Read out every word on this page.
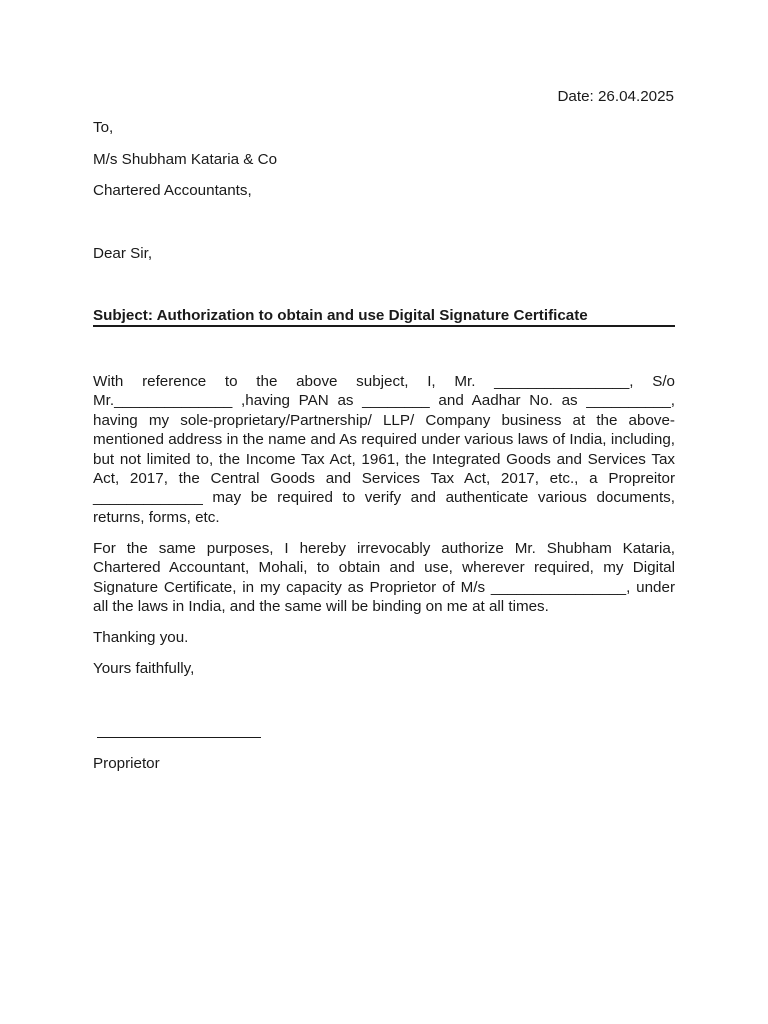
Date: 26.04.2025
To,
M/s Shubham Kataria & Co
Chartered Accountants,
Dear Sir,
Subject: Authorization to obtain and use Digital Signature Certificate
With reference to the above subject, I, Mr. ________________, S/o Mr.______________ ,having PAN as ________ and Aadhar No. as __________, having my sole-proprietary/Partnership/ LLP/ Company business at the above-mentioned address in the name and As required under various laws of India, including, but not limited to, the Income Tax Act, 1961, the Integrated Goods and Services Tax Act, 2017, the Central Goods and Services Tax Act, 2017, etc., a Propreitor _____________ may be required to verify and authenticate various documents, returns, forms, etc.
For the same purposes, I hereby irrevocably authorize Mr. Shubham Kataria, Chartered Accountant, Mohali, to obtain and use, wherever required, my Digital Signature Certificate, in my capacity as Proprietor of M/s ________________, under all the laws in India, and the same will be binding on me at all times.
Thanking you.
Yours faithfully,
Proprietor
